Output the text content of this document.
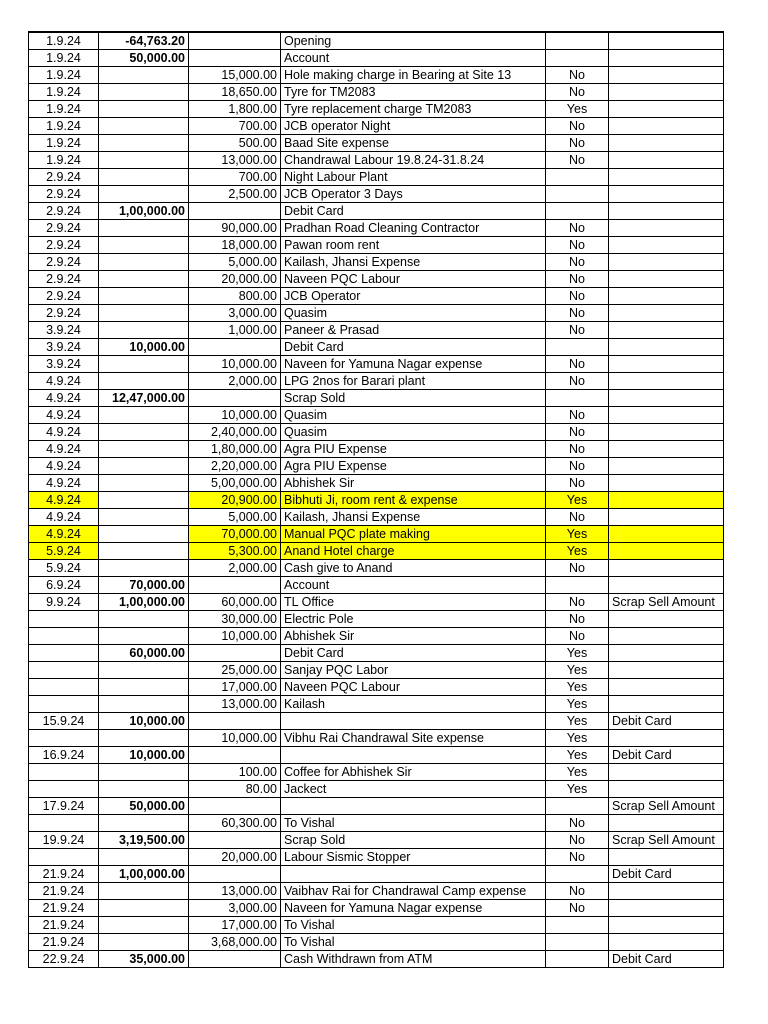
1.9.24	-64,763.20		Opening		
1.9.24	50,000.00		Account		
1.9.24		15,000.00	Hole making charge in Bearing at Site 13	No	
1.9.24		18,650.00	Tyre for TM2083	No	
1.9.24		1,800.00	Tyre replacement charge TM2083	Yes	
1.9.24		700.00	JCB operator Night	No	
1.9.24		500.00	Baad Site expense	No	
1.9.24		13,000.00	Chandrawal Labour 19.8.24-31.8.24	No	
2.9.24		700.00	Night Labour Plant		
2.9.24		2,500.00	JCB Operator 3 Days		
2.9.24	1,00,000.00		Debit Card		
2.9.24		90,000.00	Pradhan Road Cleaning Contractor	No	
2.9.24		18,000.00	Pawan room rent	No	
2.9.24		5,000.00	Kailash, Jhansi Expense	No	
2.9.24		20,000.00	Naveen PQC Labour	No	
2.9.24		800.00	JCB Operator	No	
2.9.24		3,000.00	Quasim	No	
3.9.24		1,000.00	Paneer & Prasad	No	
3.9.24	10,000.00		Debit Card		
3.9.24		10,000.00	Naveen for Yamuna Nagar expense	No	
4.9.24		2,000.00	LPG 2nos for Barari plant	No	
4.9.24	12,47,000.00		Scrap Sold		
4.9.24		10,000.00	Quasim	No	
4.9.24		2,40,000.00	Quasim	No	
4.9.24		1,80,000.00	Agra PIU Expense	No	
4.9.24		2,20,000.00	Agra PIU Expense	No	
4.9.24		5,00,000.00	Abhishek Sir	No	
4.9.24		20,900.00	Bibhuti Ji, room rent & expense	Yes	
4.9.24		5,000.00	Kailash, Jhansi Expense	No	
4.9.24		70,000.00	Manual PQC plate making	Yes	
5.9.24		5,300.00	Anand Hotel charge	Yes	
5.9.24		2,000.00	Cash give to Anand	No	
6.9.24	70,000.00		Account		
9.9.24	1,00,000.00	60,000.00	TL Office	No	Scrap Sell Amount
		30,000.00	Electric Pole	No	
		10,000.00	Abhishek Sir	No	
	60,000.00		Debit Card	Yes	
		25,000.00	Sanjay PQC Labor	Yes	
		17,000.00	Naveen PQC Labour	Yes	
		13,000.00	Kailash	Yes	
15.9.24	10,000.00			Yes	Debit Card
		10,000.00	Vibhu Rai Chandrawal Site expense	Yes	
16.9.24	10,000.00			Yes	Debit Card
		100.00	Coffee for Abhishek Sir	Yes	
		80.00	Jackect	Yes	
17.9.24	50,000.00				Scrap Sell Amount
		60,300.00	To Vishal	No	
19.9.24	3,19,500.00		Scrap Sold	No	Scrap Sell Amount
		20,000.00	Labour Sismic Stopper	No	
21.9.24	1,00,000.00				Debit Card
21.9.24		13,000.00	Vaibhav Rai for Chandrawal Camp expense	No	
21.9.24		3,000.00	Naveen for Yamuna Nagar expense	No	
21.9.24		17,000.00	To Vishal		
21.9.24		3,68,000.00	To Vishal		
22.9.24	35,000.00		Cash Withdrawn from ATM		Debit Card
